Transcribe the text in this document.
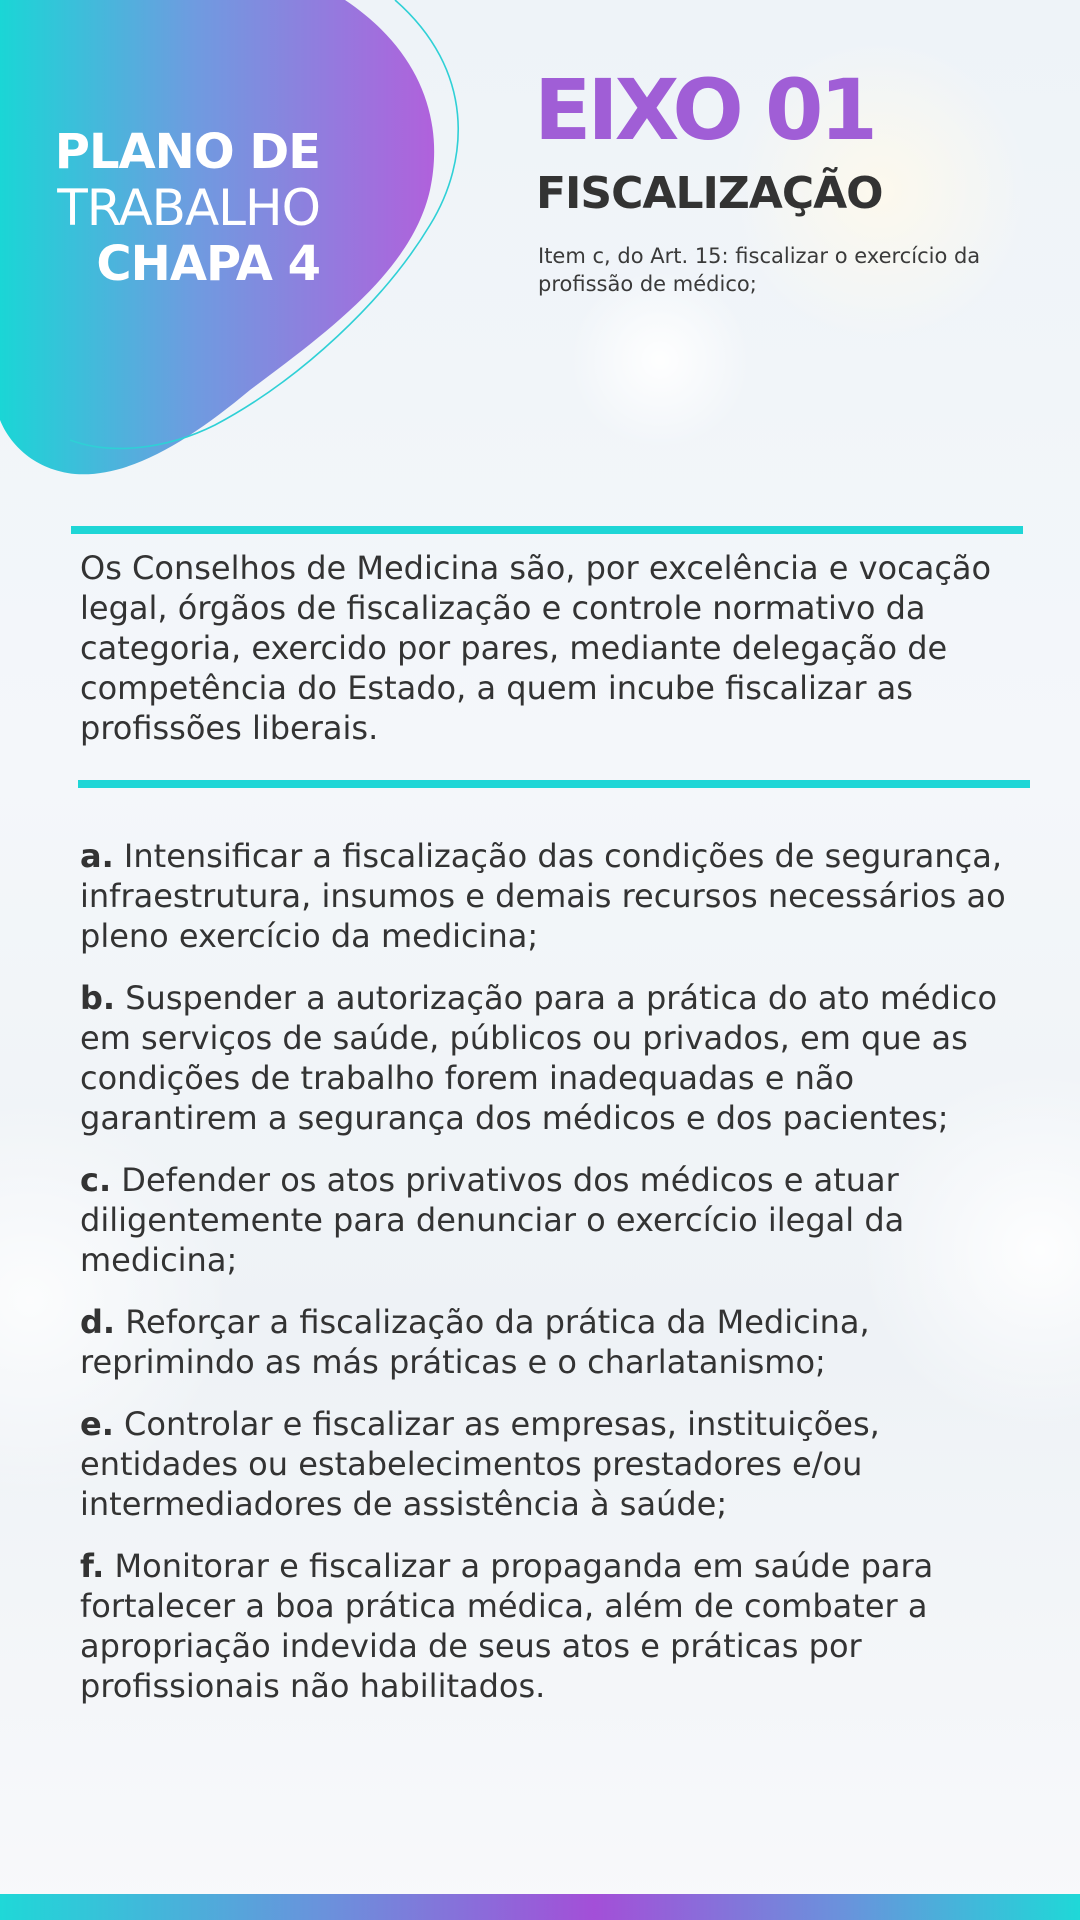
PLANO DE
TRABALHO
CHAPA 4
EIXO 01
FISCALIZAÇÃO
Item c, do Art. 15: fiscalizar o exercício da profissão de médico;
Os Conselhos de Medicina são, por excelência e vocação legal, órgãos de fiscalização e controle normativo da categoria, exercido por pares, mediante delegação de competência do Estado, a quem incube fiscalizar as profissões liberais.
a. Intensificar a fiscalização das condições de segurança, infraestrutura, insumos e demais recursos necessários ao pleno exercício da medicina;
b. Suspender a autorização para a prática do ato médico em serviços de saúde, públicos ou privados, em que as condições de trabalho forem inadequadas e não garantirem a segurança dos médicos e dos pacientes;
c. Defender os atos privativos dos médicos e atuar diligentemente para denunciar o exercício ilegal da medicina;
d. Reforçar a fiscalização da prática da Medicina, reprimindo as más práticas e o charlatanismo;
e. Controlar e fiscalizar as empresas, instituições, entidades ou estabelecimentos prestadores e/ou intermediadores de assistência à saúde;
f. Monitorar e fiscalizar a propaganda em saúde para fortalecer a boa prática médica, além de combater a apropriação indevida de seus atos e práticas por profissionais não habilitados.
